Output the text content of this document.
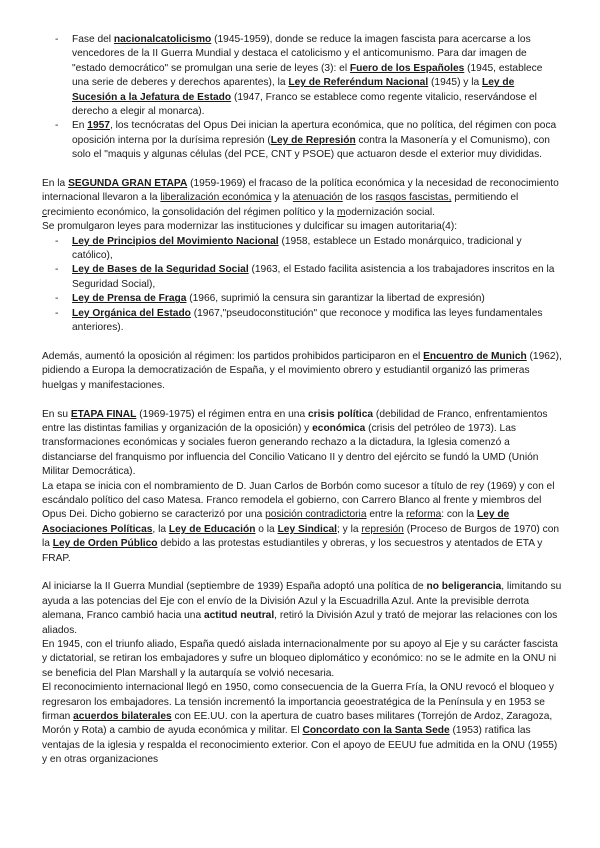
- Fase del nacionalcatolicismo (1945-1959), donde se reduce la imagen fascista para acercarse a los vencedores de la II Guerra Mundial y destaca el catolicismo y el anticomunismo. Para dar imagen de "estado democrático" se promulgan una serie de leyes (3): el Fuero de los Españoles (1945, establece una serie de deberes y derechos aparentes), la Ley de Referéndum Nacional (1945) y la Ley de Sucesión a la Jefatura de Estado (1947, Franco se establece como regente vitalicio, reservándose el derecho a elegir al monarca).
- En 1957, los tecnócratas del Opus Dei inician la apertura económica, que no política, del régimen con poca oposición interna por la durísima represión (Ley de Represión contra la Masonería y el Comunismo), con solo el "maquis y algunas células (del PCE, CNT y PSOE) que actuaron desde el exterior muy divididas.

En la SEGUNDA GRAN ETAPA (1959-1969) el fracaso de la política económica y la necesidad de reconocimiento internacional llevaron a la liberalización económica y la atenuación de los rasgos fascistas, permitiendo el crecimiento económico, la consolidación del régimen político y la modernización social.

Se promulgaron leyes para modernizar las instituciones y dulcificar su imagen autoritaria(4):

- Ley de Principios del Movimiento Nacional (1958, establece un Estado monárquico, tradicional y católico),
- Ley de Bases de la Seguridad Social (1963, el Estado facilita asistencia a los trabajadores inscritos en la Seguridad Social),
- Ley de Prensa de Fraga (1966, suprimió la censura sin garantizar la libertad de expresión)
- Ley Orgánica del Estado (1967,"pseudoconstitución" que reconoce y modifica las leyes fundamentales anteriores).

Además, aumentó la oposición al régimen: los partidos prohibidos participaron en el Encuentro de Munich (1962), pidiendo a Europa la democratización de España, y el movimiento obrero y estudiantil organizó las primeras huelgas y manifestaciones.

En su ETAPA FINAL (1969-1975) el régimen entra en una crisis política (debilidad de Franco, enfrentamientos entre las distintas familias y organización de la oposición) y económica (crisis del petróleo de 1973). Las transformaciones económicas y sociales fueron generando rechazo a la dictadura, la Iglesia comenzó a distanciarse del franquismo por influencia del Concilio Vaticano II y dentro del ejército se fundó la UMD (Unión Militar Democrática).

La etapa se inicia con el nombramiento de D. Juan Carlos de Borbón como sucesor a título de rey (1969) y con el escándalo político del caso Matesa. Franco remodela el gobierno, con Carrero Blanco al frente y miembros del Opus Dei. Dicho gobierno se caracterizó por una posición contradictoria entre la reforma: con la Ley de Asociaciones Políticas, la Ley de Educación o la Ley Sindical; y la represión (Proceso de Burgos de 1970) con la Ley de Orden Público debido a las protestas estudiantiles y obreras, y los secuestros y atentados de ETA y FRAP.

Al iniciarse la II Guerra Mundial (septiembre de 1939) España adoptó una política de no beligerancia, limitando su ayuda a las potencias del Eje con el envío de la División Azul y la Escuadrilla Azul. Ante la previsible derrota alemana, Franco cambió hacia una actitud neutral, retiró la División Azul y trató de mejorar las relaciones con los aliados.

En 1945, con el triunfo aliado, España quedó aislada internacionalmente por su apoyo al Eje y su carácter fascista y dictatorial, se retiran los embajadores y sufre un bloqueo diplomático y económico: no se le admite en la ONU ni se beneficia del Plan Marshall y la autarquía se volvió necesaria.

El reconocimiento internacional llegó en 1950, como consecuencia de la Guerra Fría, la ONU revocó el bloqueo y regresaron los embajadores. La tensión incrementó la importancia geoestratégica de la Península y en 1953 se firman acuerdos bilaterales con EE.UU. con la apertura de cuatro bases militares (Torrejón de Ardoz, Zaragoza, Morón y Rota) a cambio de ayuda económica y militar. El Concordato con la Santa Sede (1953) ratifica las ventajas de la iglesia y respalda el reconocimiento exterior. Con el apoyo de EEUU fue admitida en la ONU (1955) y en otras organizaciones
